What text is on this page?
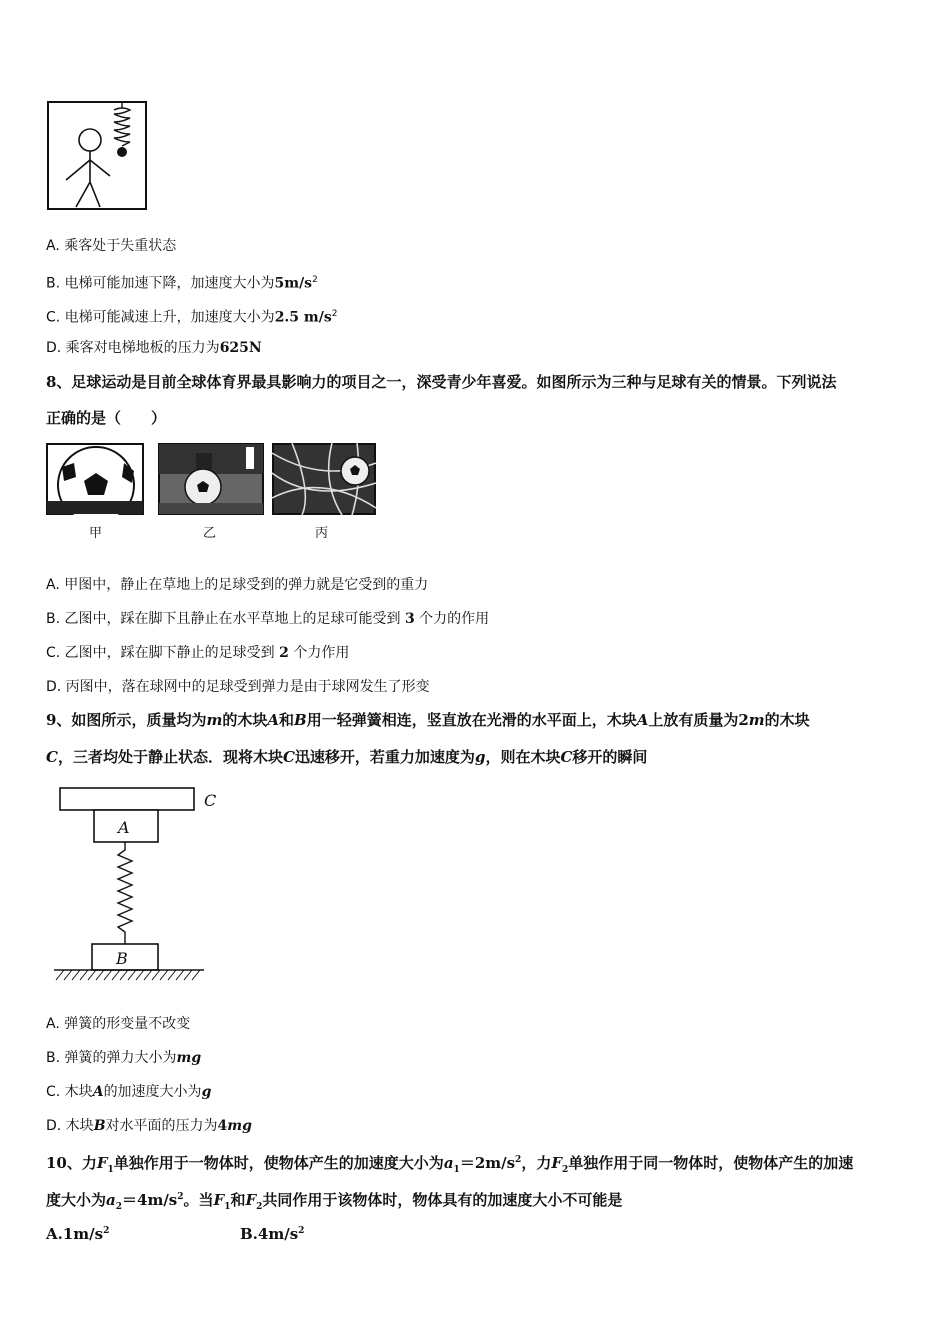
A. 乘客处于失重状态
B. 电梯可能加速下降，加速度大小为$5m/s^2$
C. 电梯可能减速上升，加速度大小为2.5 $m/s^2$
D. 乘客对电梯地板的压力为625N
8、足球运动是目前全球体育界最具影响力的项目之一，深受青少年喜爱。如图所示为三种与足球有关的情景。下列说法
正确的是（　　）
甲	乙	丙
A. 甲图中，静止在草地上的足球受到的弹力就是它受到的重力
B. 乙图中，踩在脚下且静止在水平草地上的足球可能受到 3 个力的作用
C. 乙图中，踩在脚下静止的足球受到 2 个力作用
D. 丙图中，落在球网中的足球受到弹力是由于球网发生了形变
9、如图所示，质量均为m的木块A和B用一轻弹簧相连，竖直放在光滑的水平面上，木块A上放有质量为2m的木块
C，三者均处于静止状态．现将木块C迅速移开，若重力加速度为g，则在木块C移开的瞬间
C
A
B
A. 弹簧的形变量不改变
B. 弹簧的弹力大小为mg
C. 木块A的加速度大小为g
D. 木块B对水平面的压力为4mg
10、力$F_1$单独作用于一物体时，使物体产生的加速度大小为$a_1=2m/s^2$，力$F_2$单独作用于同一物体时，使物体产生的加速
度大小为$a_2=4m/s^2$。当$F_1$和$F_2$共同作用于该物体时，物体具有的加速度大小不可能是
$A.1m/s^2$	$B.4m/s^2$
